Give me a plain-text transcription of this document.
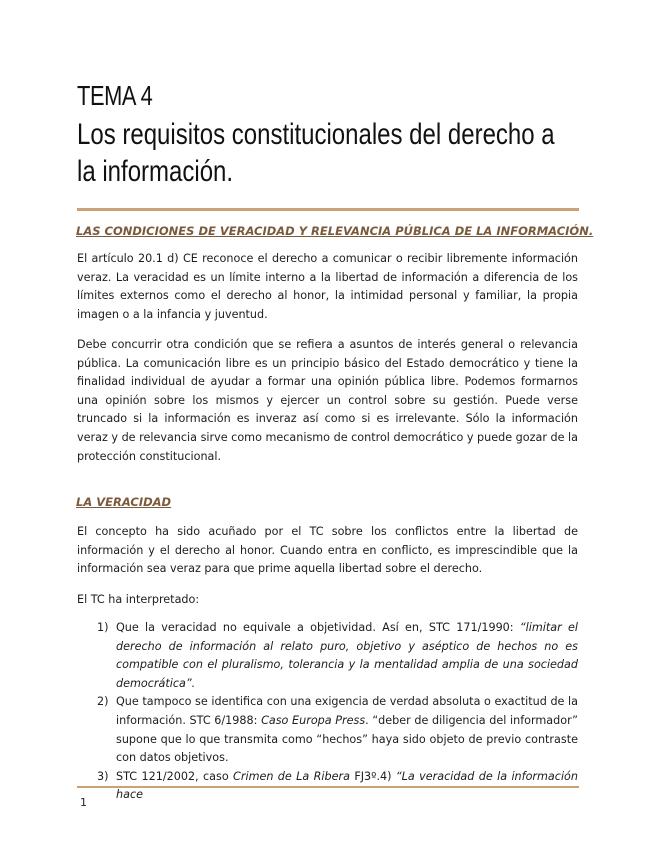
TEMA 4
Los requisitos constitucionales del derecho a la información.
LAS CONDICIONES DE VERACIDAD Y RELEVANCIA PÚBLICA DE LA INFORMACIÓN.

El artículo 20.1 d) CE reconoce el derecho a comunicar o recibir libremente información veraz. La veracidad es un límite interno a la libertad de información a diferencia de los límites externos como el derecho al honor, la intimidad personal y familiar, la propia imagen o a la infancia y juventud.

Debe concurrir otra condición que se refiera a asuntos de interés general o relevancia pública. La comunicación libre es un principio básico del Estado democrático y tiene la finalidad individual de ayudar a formar una opinión pública libre. Podemos formarnos una opinión sobre los mismos y ejercer un control sobre su gestión. Puede verse truncado si la información es inveraz así como si es irrelevante. Sólo la información veraz y de relevancia sirve como mecanismo de control democrático y puede gozar de la protección constitucional.

LA VERACIDAD

El concepto ha sido acuñado por el TC sobre los conflictos entre la libertad de información y el derecho al honor. Cuando entra en conflicto, es imprescindible que la información sea veraz para que prime aquella libertad sobre el derecho.

El TC ha interpretado:

1) Que la veracidad no equivale a objetividad. Así en, STC 171/1990: “limitar el derecho de información al relato puro, objetivo y aséptico de hechos no es compatible con el pluralismo, tolerancia y la mentalidad amplia de una sociedad democrática”.
2) Que tampoco se identifica con una exigencia de verdad absoluta o exactitud de la información. STC 6/1988: Caso Europa Press. “deber de diligencia del informador” supone que lo que transmita como “hechos” haya sido objeto de previo contraste con datos objetivos.
3) STC 121/2002, caso Crimen de La Ribera FJ3º.4) “La veracidad de la información hace
1
